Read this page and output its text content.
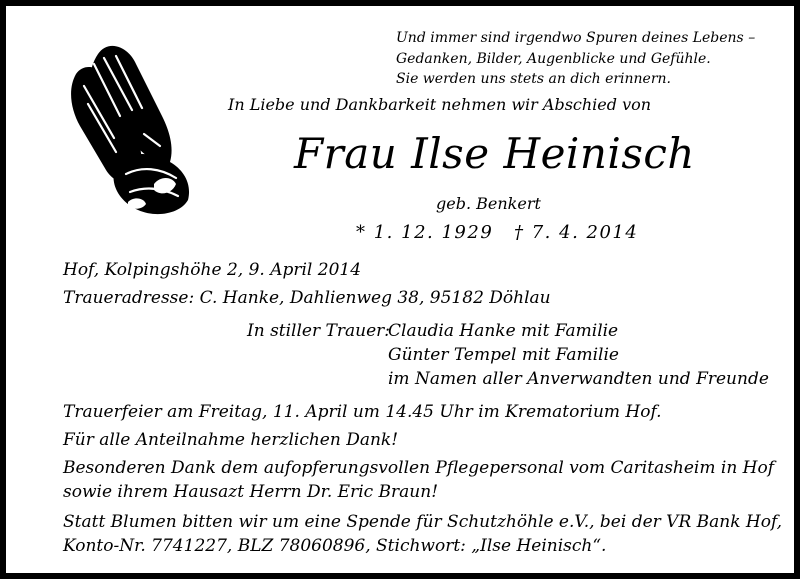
Und immer sind irgendwo Spuren deines Lebens –
Gedanken, Bilder, Augenblicke und Gefühle.
Sie werden uns stets an dich erinnern.
In Liebe und Dankbarkeit nehmen wir Abschied von
Frau Ilse Heinisch
geb. Benkert
* 1. 12. 1929 † 7. 4. 2014
Hof, Kolpingshöhe 2, 9. April 2014
Traueradresse: C. Hanke, Dahlienweg 38, 95182 Döhlau
In stiller Trauer:
Claudia Hanke mit Familie
Günter Tempel mit Familie
im Namen aller Anverwandten und Freunde
Trauerfeier am Freitag, 11. April um 14.45 Uhr im Krematorium Hof.
Für alle Anteilnahme herzlichen Dank!
Besonderen Dank dem aufopferungsvollen Pflegepersonal vom Caritasheim in Hof
sowie ihrem Hausazt Herrn Dr. Eric Braun!
Statt Blumen bitten wir um eine Spende für Schutzhöhle e.V., bei der VR Bank Hof,
Konto-Nr. 7741227, BLZ 78060896, Stichwort: „Ilse Heinisch“.
